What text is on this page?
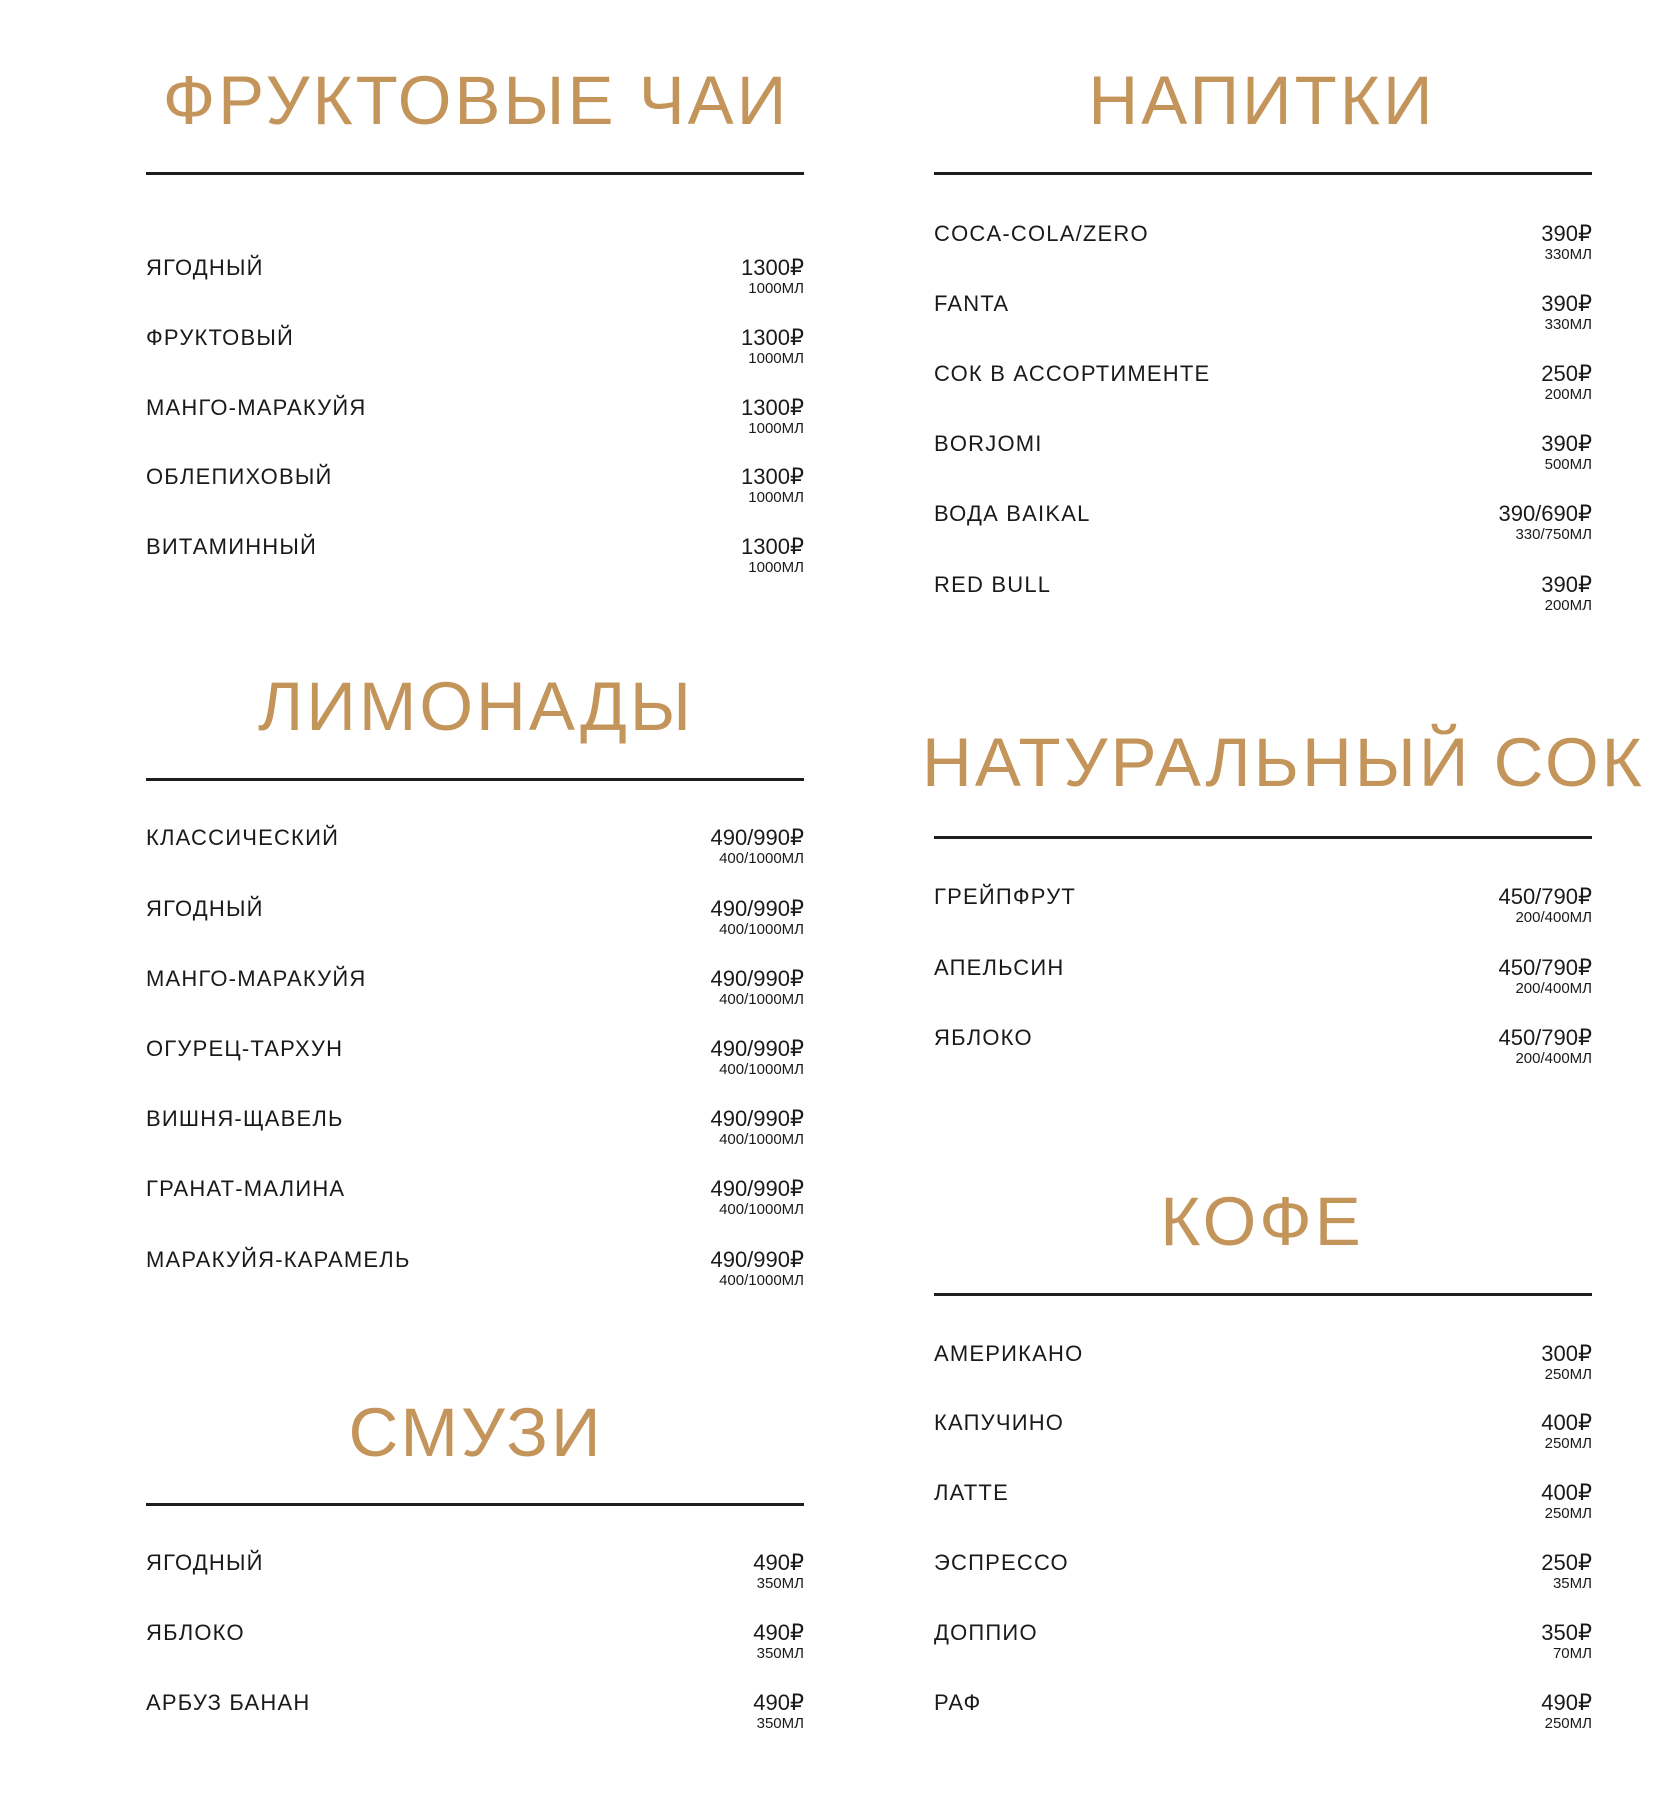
ФРУКТОВЫЕ ЧАИ
ЯГОДНЫЙ	1300₽
1000МЛ
ФРУКТОВЫЙ	1300₽
1000МЛ
МАНГО-МАРАКУЙЯ	1300₽
1000МЛ
ОБЛЕПИХОВЫЙ	1300₽
1000МЛ
ВИТАМИННЫЙ	1300₽
1000МЛ
ЛИМОНАДЫ
КЛАССИЧЕСКИЙ	490/990₽
400/1000МЛ
ЯГОДНЫЙ	490/990₽
400/1000МЛ
МАНГО-МАРАКУЙЯ	490/990₽
400/1000МЛ
ОГУРЕЦ-ТАРХУН	490/990₽
400/1000МЛ
ВИШНЯ-ЩАВЕЛЬ	490/990₽
400/1000МЛ
ГРАНАТ-МАЛИНА	490/990₽
400/1000МЛ
МАРАКУЙЯ-КАРАМЕЛЬ	490/990₽
400/1000МЛ
СМУЗИ
ЯГОДНЫЙ	490₽
350МЛ
ЯБЛОКО	490₽
350МЛ
АРБУЗ БАНАН	490₽
350МЛ
НАПИТКИ
COCA-COLA/ZERO	390₽
330МЛ
FANTA	390₽
330МЛ
СОК В АССОРТИМЕНТЕ	250₽
200МЛ
BORJOMI	390₽
500МЛ
ВОДА BAIKAL	390/690₽
330/750МЛ
RED BULL	390₽
200МЛ
НАТУРАЛЬНЫЙ СОК
ГРЕЙПФРУТ	450/790₽
200/400МЛ
АПЕЛЬСИН	450/790₽
200/400МЛ
ЯБЛОКО	450/790₽
200/400МЛ
КОФЕ
АМЕРИКАНО	300₽
250МЛ
КАПУЧИНО	400₽
250МЛ
ЛАТТЕ	400₽
250МЛ
ЭСПРЕССО	250₽
35МЛ
ДОППИО	350₽
70МЛ
РАФ	490₽
250МЛ
